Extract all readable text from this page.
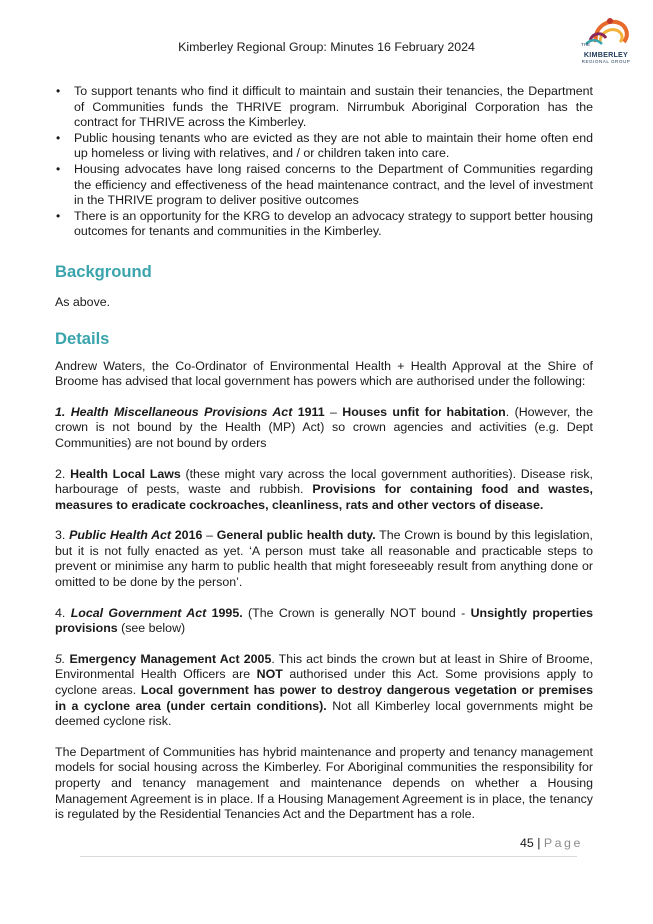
Kimberley Regional Group: Minutes 16 February 2024	THE
KIMBERLEY
REGIONAL GROUP
• To support tenants who find it difficult to maintain and sustain their tenancies, the Department of Communities funds the THRIVE program. Nirrumbuk Aboriginal Corporation has the contract for THRIVE across the Kimberley.
• Public housing tenants who are evicted as they are not able to maintain their home often end up homeless or living with relatives, and / or children taken into care.
• Housing advocates have long raised concerns to the Department of Communities regarding the efficiency and effectiveness of the head maintenance contract, and the level of investment in the THRIVE program to deliver positive outcomes
• There is an opportunity for the KRG to develop an advocacy strategy to support better housing outcomes for tenants and communities in the Kimberley.
Background

As above.

Details

Andrew Waters, the Co-Ordinator of Environmental Health + Health Approval at the Shire of Broome has advised that local government has powers which are authorised under the following:

1. Health Miscellaneous Provisions Act 1911 – Houses unfit for habitation. (However, the crown is not bound by the Health (MP) Act) so crown agencies and activities (e.g. Dept Communities) are not bound by orders

2. Health Local Laws (these might vary across the local government authorities). Disease risk, harbourage of pests, waste and rubbish. Provisions for containing food and wastes, measures to eradicate cockroaches, cleanliness, rats and other vectors of disease.

3. Public Health Act 2016 – General public health duty. The Crown is bound by this legislation, but it is not fully enacted as yet. ‘A person must take all reasonable and practicable steps to prevent or minimise any harm to public health that might foreseeably result from anything done or omitted to be done by the person’.

4. Local Government Act 1995. (The Crown is generally NOT bound - Unsightly properties provisions (see below)

5. Emergency Management Act 2005. This act binds the crown but at least in Shire of Broome, Environmental Health Officers are NOT authorised under this Act. Some provisions apply to cyclone areas. Local government has power to destroy dangerous vegetation or premises in a cyclone area (under certain conditions). Not all Kimberley local governments might be deemed cyclone risk.

The Department of Communities has hybrid maintenance and property and tenancy management models for social housing across the Kimberley. For Aboriginal communities the responsibility for property and tenancy management and maintenance depends on whether a Housing Management Agreement is in place. If a Housing Management Agreement is in place, the tenancy is regulated by the Residential Tenancies Act and the Department has a role.

45 | Page
